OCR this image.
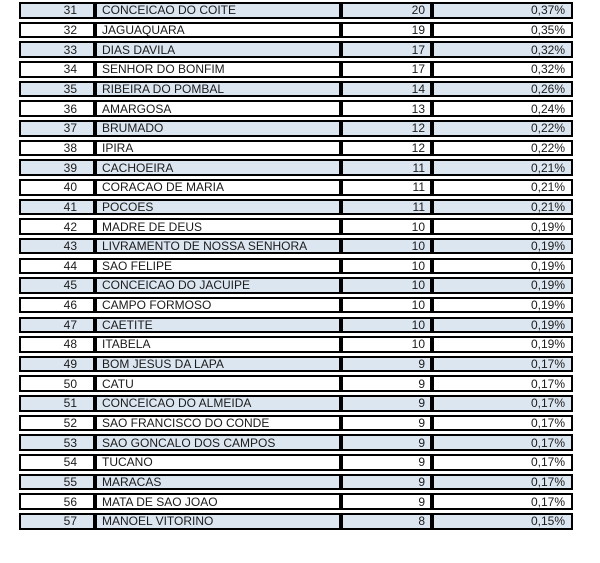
31	CONCEICAO DO COITE	20	0,37%
32	JAGUAQUARA	19	0,35%
33	DIAS DAVILA	17	0,32%
34	SENHOR DO BONFIM	17	0,32%
35	RIBEIRA DO POMBAL	14	0,26%
36	AMARGOSA	13	0,24%
37	BRUMADO	12	0,22%
38	IPIRA	12	0,22%
39	CACHOEIRA	11	0,21%
40	CORACAO DE MARIA	11	0,21%
41	POCOES	11	0,21%
42	MADRE DE DEUS	10	0,19%
43	LIVRAMENTO DE NOSSA SENHORA	10	0,19%
44	SAO FELIPE	10	0,19%
45	CONCEICAO DO JACUIPE	10	0,19%
46	CAMPO FORMOSO	10	0,19%
47	CAETITE	10	0,19%
48	ITABELA	10	0,19%
49	BOM JESUS DA LAPA	9	0,17%
50	CATU	9	0,17%
51	CONCEICAO DO ALMEIDA	9	0,17%
52	SAO FRANCISCO DO CONDE	9	0,17%
53	SAO GONCALO DOS CAMPOS	9	0,17%
54	TUCANO	9	0,17%
55	MARACAS	9	0,17%
56	MATA DE SAO JOAO	9	0,17%
57	MANOEL VITORINO	8	0,15%
